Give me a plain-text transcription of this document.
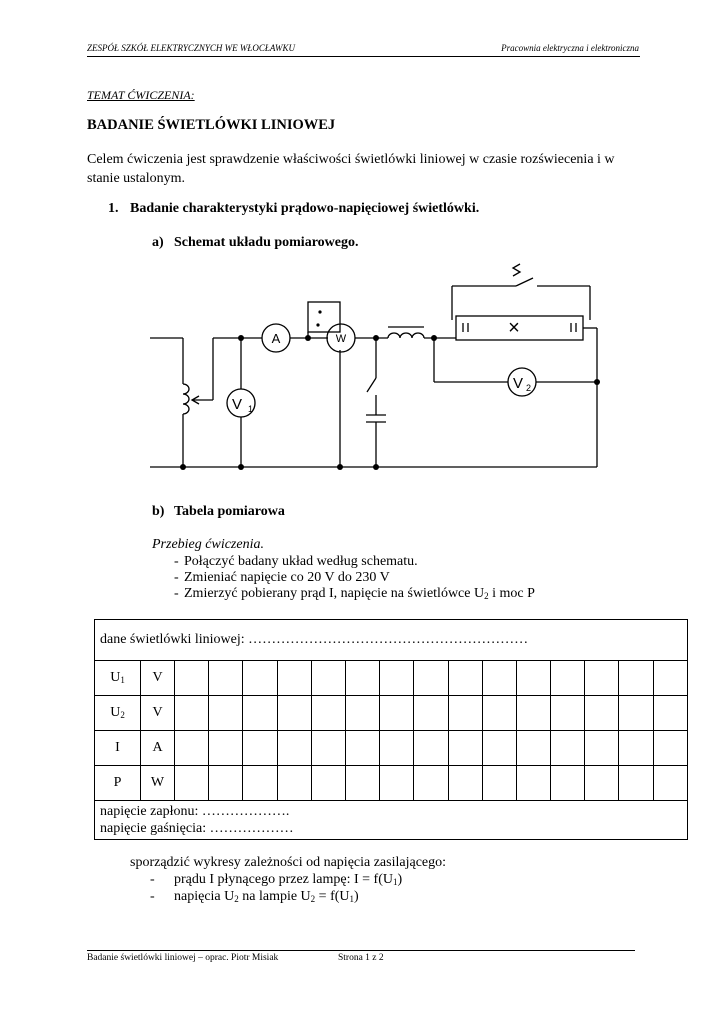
ZESPÓŁ SZKÓŁ ELEKTRYCZNYCH WE WŁOCŁAWKU	Pracownia elektryczna i elektroniczna
TEMAT ĆWICZENIA:
BADANIE ŚWIETLÓWKI LINIOWEJ
Celem ćwiczenia jest sprawdzenie właściwości świetlówki liniowej w czasie rozświecenia i w
stanie ustalonym.
1. Badanie charakterystyki prądowo-napięciowej świetlówki.
a) Schemat układu pomiarowego.
A	W
V 1
V 2
×
b) Tabela pomiarowa
Przebieg ćwiczenia.
- Połączyć badany układ według schematu.
- Zmieniać napięcie co 20 V do 230 V
- Zmierzyć pobierany prąd I, napięcie na świetlówce $U_2$ i moc P
dane świetlówki liniowej: ……………………………………………………																
$U_1$	V															
$U_2$	V															
I	A															
P	W															

napięcie zapłonu: ……………….
napięcie gaśnięcia: ………………																
sporządzić wykresy zależności od napięcia zasilającego:
- prądu I płynącego przez lampę: $I = f(U_1)$
- napięcia $U_2$ na lampie $U_2 = f(U_1)$
Badanie świetlówki liniowej – oprac. Piotr Misiak	Strona 1 z 2
